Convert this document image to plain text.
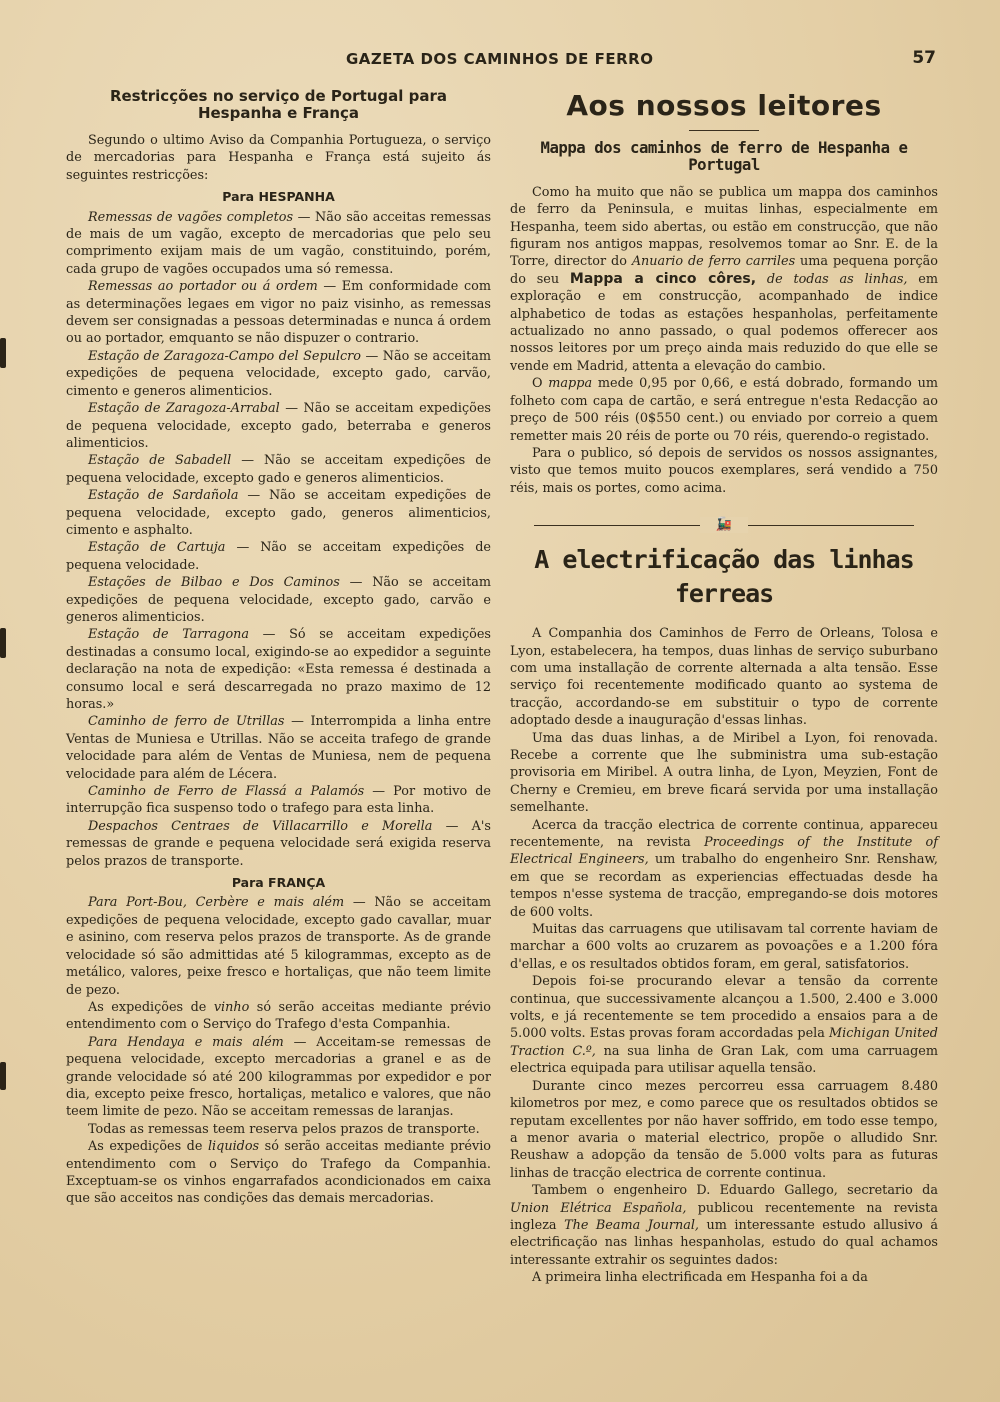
GAZETA DOS CAMINHOS DE FERRO	57
Restricções no serviço de Portugal para Hespanha e França

Segundo o ultimo Aviso da Companhia Portugueza, o serviço de mercadorias para Hespanha e França está sujeito ás seguintes restricções:

Para HESPANHA

Remessas de vagões completos — Não são acceitas remessas de mais de um vagão, excepto de mercadorias que pelo seu comprimento exijam mais de um vagão, constituindo, porém, cada grupo de vagões occupados uma só remessa.

Remessas ao portador ou á ordem — Em conformidade com as determinações legaes em vigor no paiz visinho, as remessas devem ser consignadas a pessoas determinadas e nunca á ordem ou ao portador, emquanto se não dispuzer o contrario.

Estação de Zaragoza-Campo del Sepulcro — Não se acceitam expedições de pequena velocidade, excepto gado, carvão, cimento e generos alimenticios.

Estação de Zaragoza-Arrabal — Não se acceitam expedições de pequena velocidade, excepto gado, beterraba e generos alimenticios.

Estação de Sabadell — Não se acceitam expedições de pequena velocidade, excepto gado e generos alimenticios.

Estação de Sardañola — Não se acceitam expedições de pequena velocidade, excepto gado, generos alimenticios, cimento e asphalto.

Estação de Cartuja — Não se acceitam expedições de pequena velocidade.

Estações de Bilbao e Dos Caminos — Não se acceitam expedições de pequena velocidade, excepto gado, carvão e generos alimenticios.

Estação de Tarragona — Só se acceitam expedições destinadas a consumo local, exigindo-se ao expedidor a seguinte declaração na nota de expedição: «Esta remessa é destinada a consumo local e será descarregada no prazo maximo de 12 horas.»

Caminho de ferro de Utrillas — Interrompida a linha entre Ventas de Muniesa e Utrillas. Não se acceita trafego de grande velocidade para além de Ventas de Muniesa, nem de pequena velocidade para além de Lécera.

Caminho de Ferro de Flassá a Palamós — Por motivo de interrupção fica suspenso todo o trafego para esta linha.

Despachos Centraes de Villacarrillo e Morella — A's remessas de grande e pequena velocidade será exigida reserva pelos prazos de transporte.

Para FRANÇA

Para Port-Bou, Cerbère e mais além — Não se acceitam expedições de pequena velocidade, excepto gado cavallar, muar e asinino, com reserva pelos prazos de transporte. As de grande velocidade só são admittidas até 5 kilogrammas, excepto as de metálico, valores, peixe fresco e hortaliças, que não teem limite de pezo.

As expedições de vinho só serão acceitas mediante prévio entendimento com o Serviço do Trafego d'esta Companhia.

Para Hendaya e mais além — Acceitam-se remessas de pequena velocidade, excepto mercadorias a granel e as de grande velocidade só até 200 kilogrammas por expedidor e por dia, excepto peixe fresco, hortaliças, metalico e valores, que não teem limite de pezo. Não se acceitam remessas de laranjas.

Todas as remessas teem reserva pelos prazos de transporte.

As expedições de liquidos só serão acceitas mediante prévio entendimento com o Serviço do Trafego da Companhia. Exceptuam-se os vinhos engarrafados acondicionados em caixa que são acceitos nas condições das demais mercadorias.

Aos nossos leitores
Mappa dos caminhos de ferro de Hespanha e Portugal

Como ha muito que não se publica um mappa dos caminhos de ferro da Peninsula, e muitas linhas, especialmente em Hespanha, teem sido abertas, ou estão em construcção, que não figuram nos antigos mappas, resolvemos tomar ao Snr. E. de la Torre, director do Anuario de ferro carriles uma pequena porção do seu Mappa a cinco côres, de todas as linhas, em exploração e em construcção, acompanhado de indice alphabetico de todas as estações hespanholas, perfeitamente actualizado no anno passado, o qual podemos offerecer aos nossos leitores por um preço ainda mais reduzido do que elle se vende em Madrid, attenta a elevação do cambio.

O mappa mede 0,95 por 0,66, e está dobrado, formando um folheto com capa de cartão, e será entregue n'esta Redacção ao preço de 500 réis (0$550 cent.) ou enviado por correio a quem remetter mais 20 réis de porte ou 70 réis, querendo-o registado.

Para o publico, só depois de servidos os nossos assignantes, visto que temos muito poucos exemplares, será vendido a 750 réis, mais os portes, como acima.

🚂
A electrificação das linhas ferreas

A Companhia dos Caminhos de Ferro de Orleans, Tolosa e Lyon, estabelecera, ha tempos, duas linhas de serviço suburbano com uma installação de corrente alternada a alta tensão. Esse serviço foi recentemente modificado quanto ao systema de tracção, accordando-se em substituir o typo de corrente adoptado desde a inauguração d'essas linhas.

Uma das duas linhas, a de Miribel a Lyon, foi renovada. Recebe a corrente que lhe subministra uma sub-estação provisoria em Miribel. A outra linha, de Lyon, Meyzien, Font de Cherny e Cremieu, em breve ficará servida por uma installação semelhante.

Acerca da tracção electrica de corrente continua, appareceu recentemente, na revista Proceedings of the Institute of Electrical Engineers, um trabalho do engenheiro Snr. Renshaw, em que se recordam as experiencias effectuadas desde ha tempos n'esse systema de tracção, empregando-se dois motores de 600 volts.

Muitas das carruagens que utilisavam tal corrente haviam de marchar a 600 volts ao cruzarem as povoações e a 1.200 fóra d'ellas, e os resultados obtidos foram, em geral, satisfatorios.

Depois foi-se procurando elevar a tensão da corrente continua, que successivamente alcançou a 1.500, 2.400 e 3.000 volts, e já recentemente se tem procedido a ensaios para a de 5.000 volts. Estas provas foram accordadas pela Michigan United Traction C.º, na sua linha de Gran Lak, com uma carruagem electrica equipada para utilisar aquella tensão.

Durante cinco mezes percorreu essa carruagem 8.480 kilometros por mez, e como parece que os resultados obtidos se reputam excellentes por não haver soffrido, em todo esse tempo, a menor avaria o material electrico, propõe o alludido Snr. Reushaw a adopção da tensão de 5.000 volts para as futuras linhas de tracção electrica de corrente continua.

Tambem o engenheiro D. Eduardo Gallego, secretario da Union Elétrica Española, publicou recentemente na revista ingleza The Beama Journal, um interessante estudo allusivo á electrificação nas linhas hespanholas, estudo do qual achamos interessante extrahir os seguintes dados:

A primeira linha electrificada em Hespanha foi a da
